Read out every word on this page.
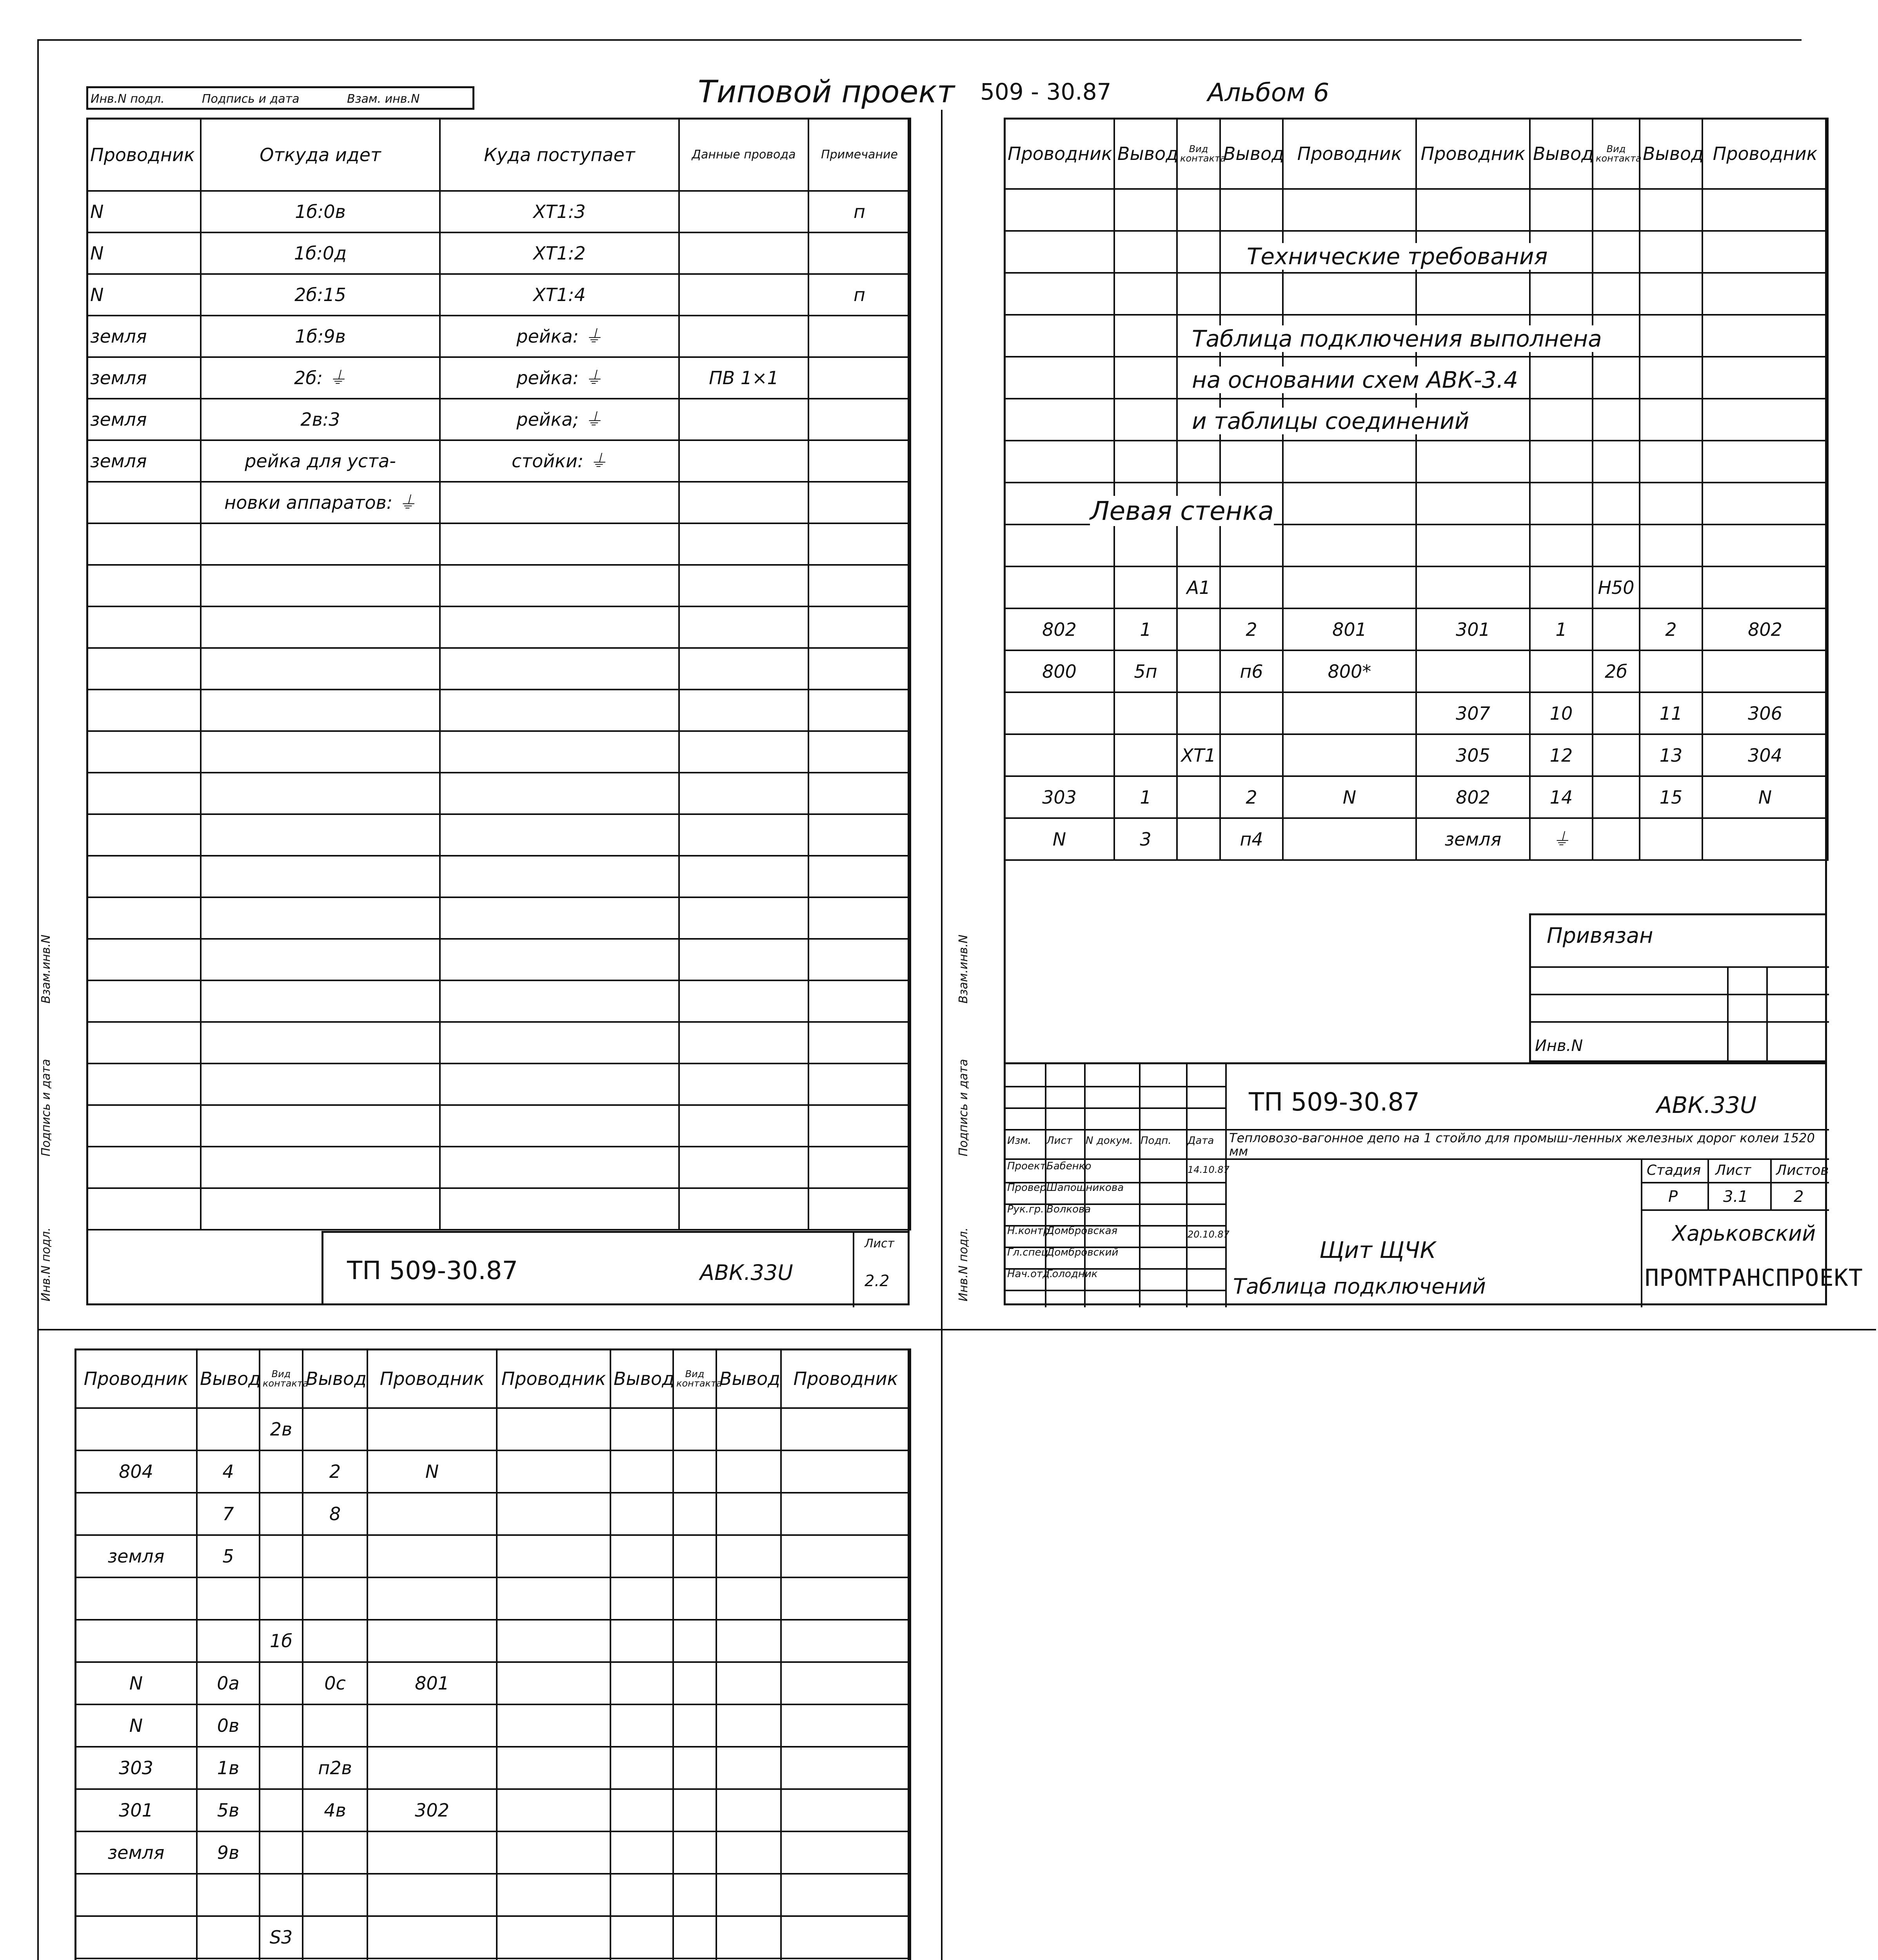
Инв.N подл.	Подпись и дата	Взам. инв.N	Типовой проект 509 - 30.87	Альбом 6
Проводник	Откуда идет	Куда поступает	Данные провода	Примечание

N	1б:0в	ХТ1:3		п
N	1б:0д	ХТ1:2		
N	2б:15	ХТ1:4		п
земля	1б:9в	рейка: ⏚		
земля	2б: ⏚	рейка: ⏚	ПВ 1×1	
земля	2в:3	рейка; ⏚		
земля	рейка для уста-	стойки: ⏚		
	новки аппаратов: ⏚			

Инв.N подл.
Подпись и дата
Взам.инв.N
ТП 509-30.87	АВК.33U
Лист
2.2
Проводник	Вывод	Вид контакта	Вывод	Проводник	Проводник	Вывод	Вид контакта	Вывод	Проводник

		А1					Н50		
802	1		2	801	301	1		2	802
800	5п		п6	800*			2б		
					307	10		11	306
		ХТ1			305	12		13	304
303	1		2	N	802	14		15	N
N	3		п4		земля	⏚			
Технические требования
Таблица подключения выполнена
на основании схем АВК-3.4
и таблицы соединений
Левая стенка
Инв.N подл.
Подпись и дата
Взам.инв.N	Привязан
Инв.N
ТП 509-30.87	АВК.33U
Изм. Лист N докум. Подп. Дата Тепловозо-вагонное депо на 1 стойло для промыш-ленных железных дорог колеи 1520 мм
Проект.
Бабенко
Провер.
Шапошникова
Рук.гр. Волкова
Н.контр.
Домбровская
Гл.спец.
Домбровский
Нач.отд.
Голодник
14.10.87
20.10.87
Стадия Лист Листов
Р	3.1	2
Щит ЩЧК
Таблица подключений
Харьковский
ПРОМТРАНСПРОЕКТ
Проводник	Вывод	Вид контакта	Вывод	Проводник	Проводник	Вывод	Вид контакта	Вывод	Проводник
		2в							
804	4		2	N					
	7		8						
земля	5								

		1б							
N	0а		0с	801					
N	0в								
303	1в		п2в						
301	5в		4в	302					
земля	9в								

		S3							
